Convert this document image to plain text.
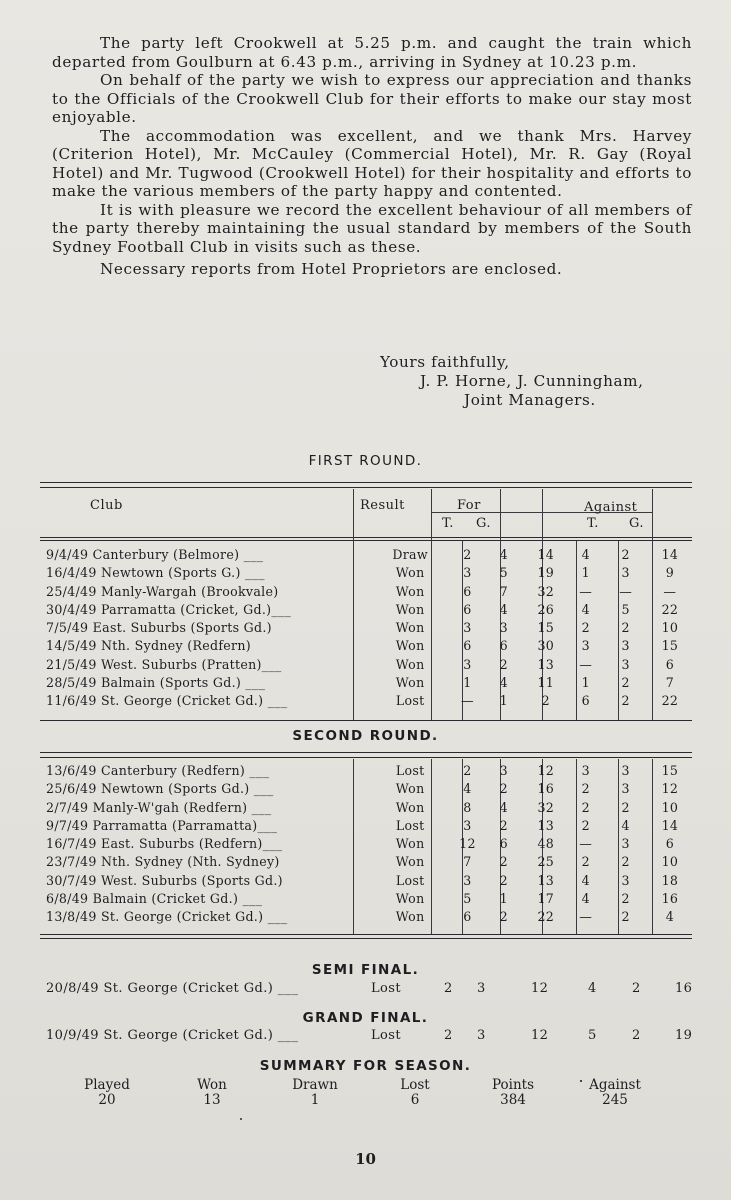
The party left Crookwell at 5.25 p.m. and caught the train which departed from Goulburn at 6.43 p.m., arriving in Sydney at 10.23 p.m.

On behalf of the party we wish to express our appreciation and thanks to the Officials of the Crookwell Club for their efforts to make our stay most enjoyable.

The accommodation was excellent, and we thank Mrs. Harvey (Criterion Hotel), Mr. McCauley (Commercial Hotel), Mr. R. Gay (Royal Hotel) and Mr. Tugwood (Crookwell Hotel) for their hospitality and efforts to make the various members of the party happy and contented.

It is with pleasure we record the excellent behaviour of all members of the party thereby maintaining the usual standard by members of the South Sydney Football Club in visits such as these.

Necessary reports from Hotel Proprietors are enclosed.

Yours faithfully,
J. P. Horne, J. Cunningham,
Joint Managers.
FIRST ROUND.
Club	Result	For	Against
T. G.	T. G.
9/4/49 Canterbury (Belmore) ___	Draw	2	4	14	4	2	14
16/4/49 Newtown (Sports G.) ___	Won	3	5	19	1	3	9
25/4/49 Manly-Wargah (Brookvale)	Won	6	7	32	—	—	—
30/4/49 Parramatta (Cricket, Gd.)___	Won	6	4	26	4	5	22
7/5/49 East. Suburbs (Sports Gd.)	Won	3	3	15	2	2	10
14/5/49 Nth. Sydney (Redfern)	Won	6	6	30	3	3	15
21/5/49 West. Suburbs (Pratten)___	Won	3	2	13	—	3	6
28/5/49 Balmain (Sports Gd.) ___	Won	1	4	11	1	2	7
11/6/49 St. George (Cricket Gd.) ___	Lost	—	1	2	6	2	22
SECOND ROUND.
13/6/49 Canterbury (Redfern) ___	Lost	2	3	12	3	3	15
25/6/49 Newtown (Sports Gd.) ___	Won	4	2	16	2	3	12
2/7/49 Manly-W'gah (Redfern) ___	Won	8	4	32	2	2	10
9/7/49 Parramatta (Parramatta)___	Lost	3	2	13	2	4	14
16/7/49 East. Suburbs (Redfern)___	Won	12	6	48	—	3	6
23/7/49 Nth. Sydney (Nth. Sydney)	Won	7	2	25	2	2	10
30/7/49 West. Suburbs (Sports Gd.)	Lost	3	2	13	4	3	18
6/8/49 Balmain (Cricket Gd.) ___	Won	5	1	17	4	2	16
13/8/49 St. George (Cricket Gd.) ___	Won	6	2	22	—	2	4
SEMI FINAL.
20/8/49 St. George (Cricket Gd.) ___	Lost	2 3	12	4	2	16
GRAND FINAL.
10/9/49 St. George (Cricket Gd.) ___	Lost	2 3	12	5	2	19
SUMMARY FOR SEASON.
Played
20
Won
13
Drawn
1
Lost
6
Points
384
Against
245
10
